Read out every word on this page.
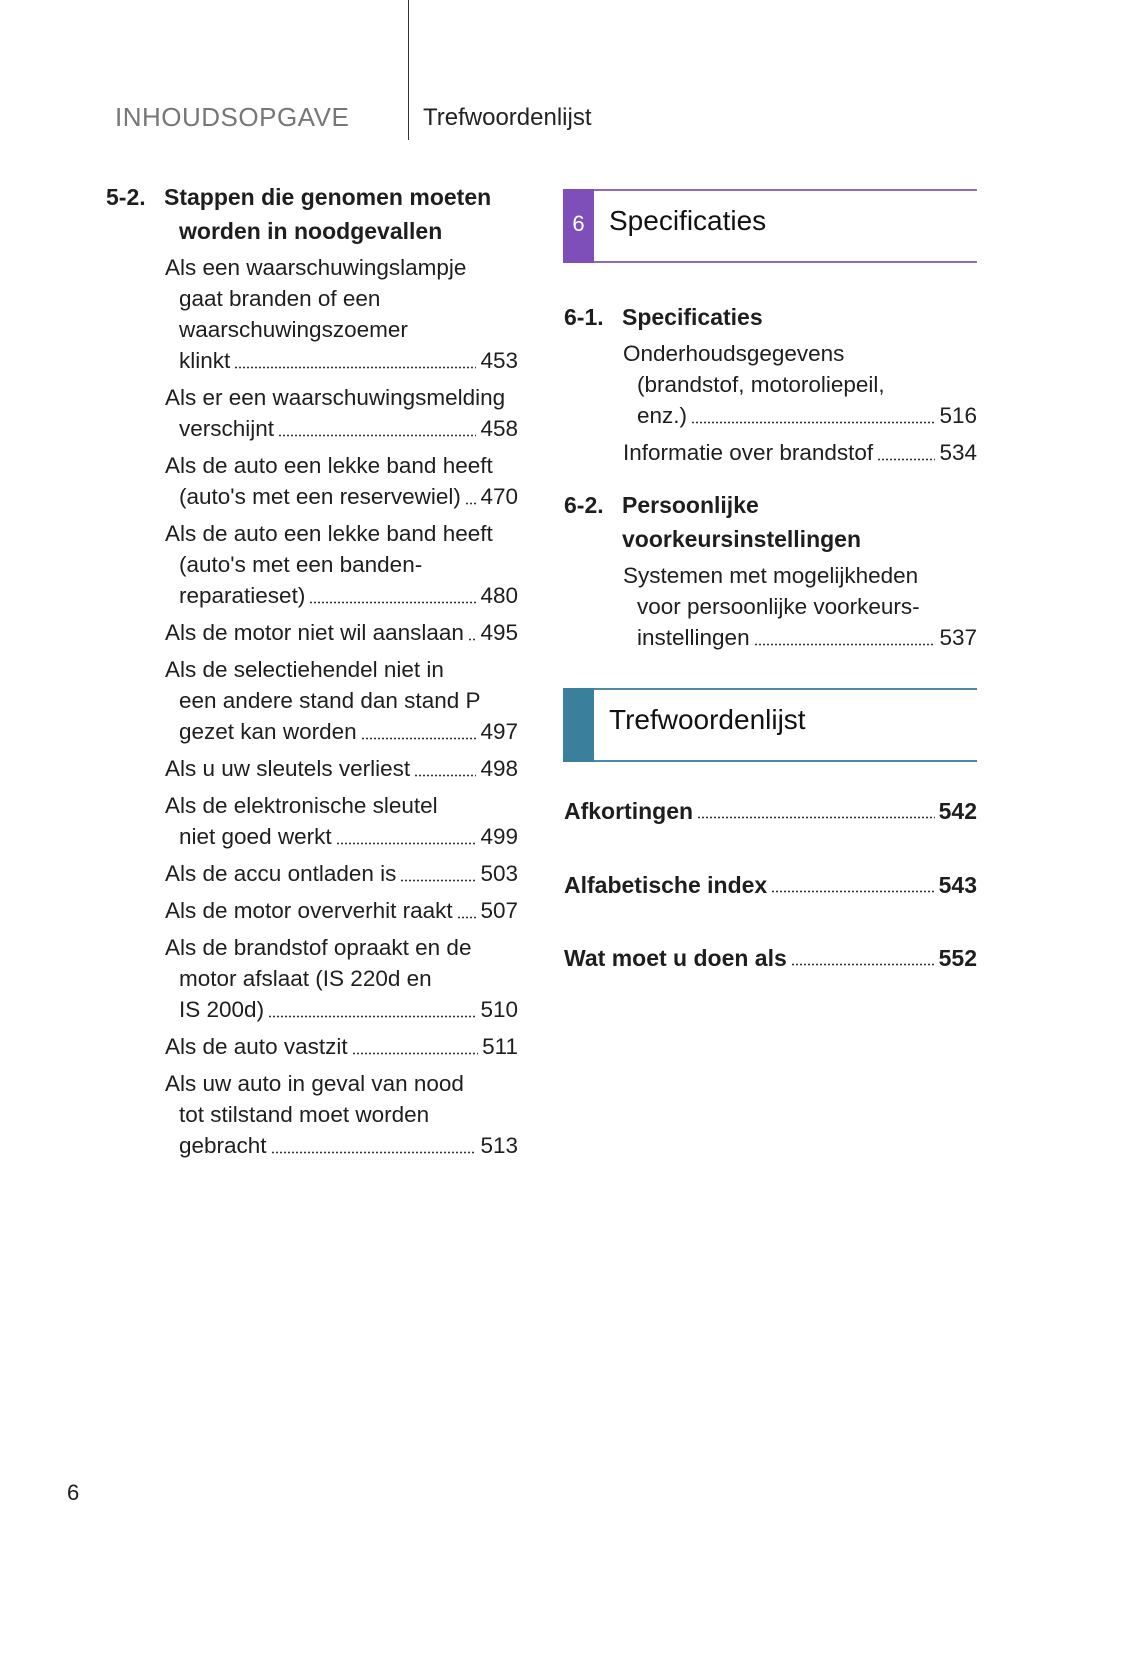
INHOUDSOPGAVE	Trefwoordenlijst
5-2. Stappen die genomen moeten
worden in noodgevallen
Als een waarschuwingslampje
gaat branden of een
waarschuwingszoemer
klinkt	453
Als er een waarschuwingsmelding
verschijnt	458
Als de auto een lekke band heeft
(auto's met een reservewiel) 470
Als de auto een lekke band heeft
(auto's met een banden-
reparatieset)	480
Als de motor niet wil aanslaan 495
Als de selectiehendel niet in
een andere stand dan stand P
gezet kan worden	497
Als u uw sleutels verliest	498
Als de elektronische sleutel
niet goed werkt	499
Als de accu ontladen is	503
Als de motor oververhit raakt 507
Als de brandstof opraakt en de
motor afslaat (IS 220d en
IS 200d)	510
Als de auto vastzit	511
Als uw auto in geval van nood
tot stilstand moet worden
gebracht	513
6 Specificaties
6-1. Specificaties
Onderhoudsgegevens
(brandstof, motoroliepeil,
enz.)	516
Informatie over brandstof	534
6-2. Persoonlijke voorkeursinstellingen
Systemen met mogelijkheden
voor persoonlijke voorkeurs-
instellingen	537
Trefwoordenlijst
Afkortingen	542
Alfabetische index	543
Wat moet u doen als	552
6
